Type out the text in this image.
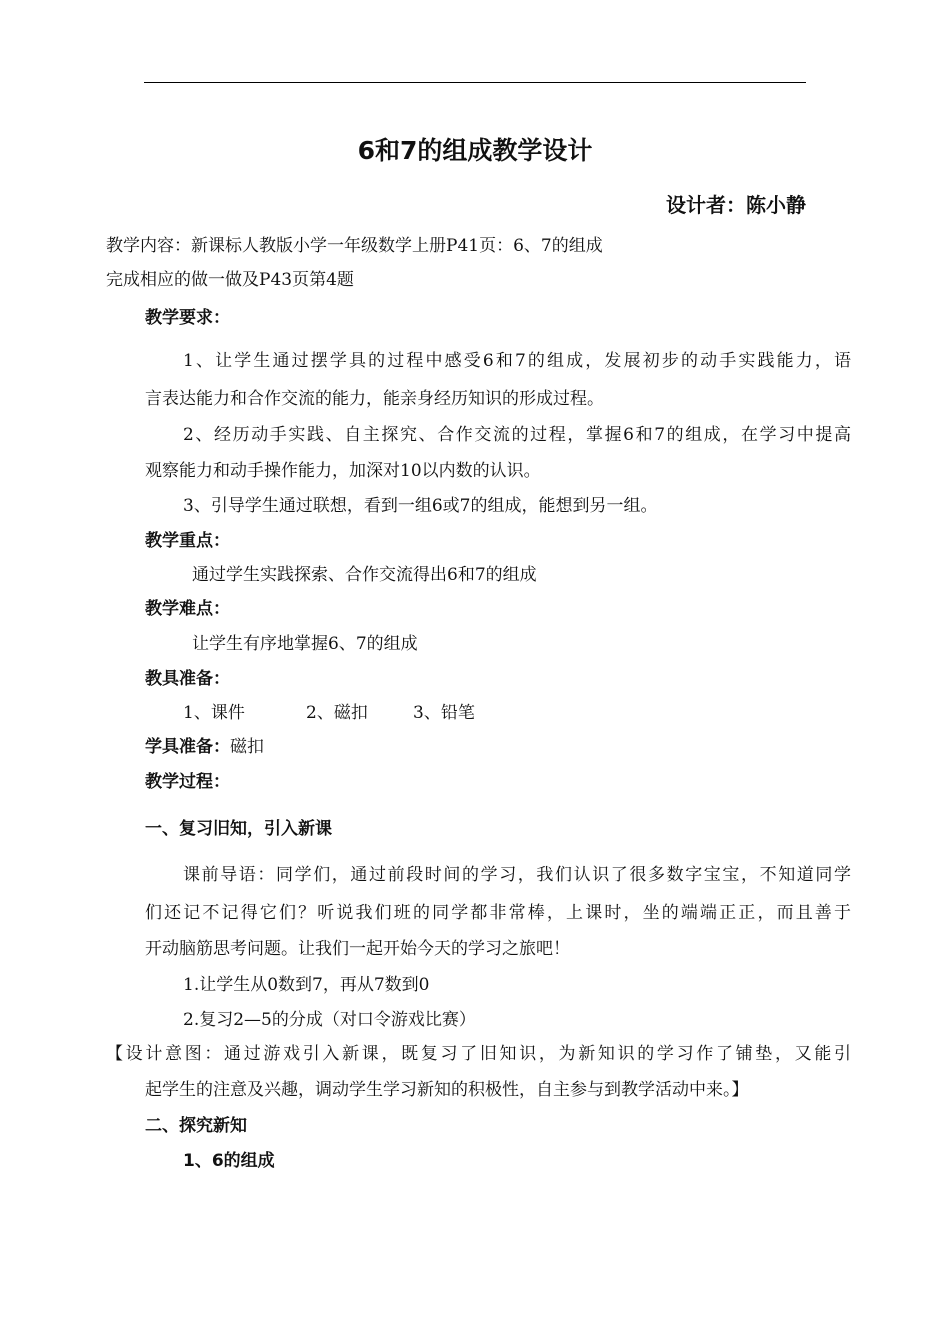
6和7的组成教学设计
设计者：陈小静
教学内容：新课标人教版小学一年级数学上册P41页：6、7的组成
完成相应的做一做及P43页第4题
教学要求：
1、让学生通过摆学具的过程中感受6和7的组成，发展初步的动手实践能力，语
言表达能力和合作交流的能力，能亲身经历知识的形成过程。
2、经历动手实践、自主探究、合作交流的过程，掌握6和7的组成，在学习中提高
观察能力和动手操作能力，加深对10以内数的认识。
3、引导学生通过联想，看到一组6或7的组成，能想到另一组。
教学重点：
通过学生实践探索、合作交流得出6和7的组成
教学难点：
让学生有序地掌握6、7的组成
教具准备：
1、课件	2、磁扣	3、铅笔
学具准备：磁扣
教学过程：
一、复习旧知，引入新课
课前导语：同学们，通过前段时间的学习，我们认识了很多数字宝宝，不知道同学
们还记不记得它们？听说我们班的同学都非常棒，上课时，坐的端端正正，而且善于
开动脑筋思考问题。让我们一起开始今天的学习之旅吧！
1.让学生从0数到7，再从7数到0
2.复习2—5的分成（对口令游戏比赛）
【设计意图：通过游戏引入新课，既复习了旧知识，为新知识的学习作了铺垫，又能引
起学生的注意及兴趣，调动学生学习新知的积极性，自主参与到教学活动中来。】
二、探究新知
1、6的组成
